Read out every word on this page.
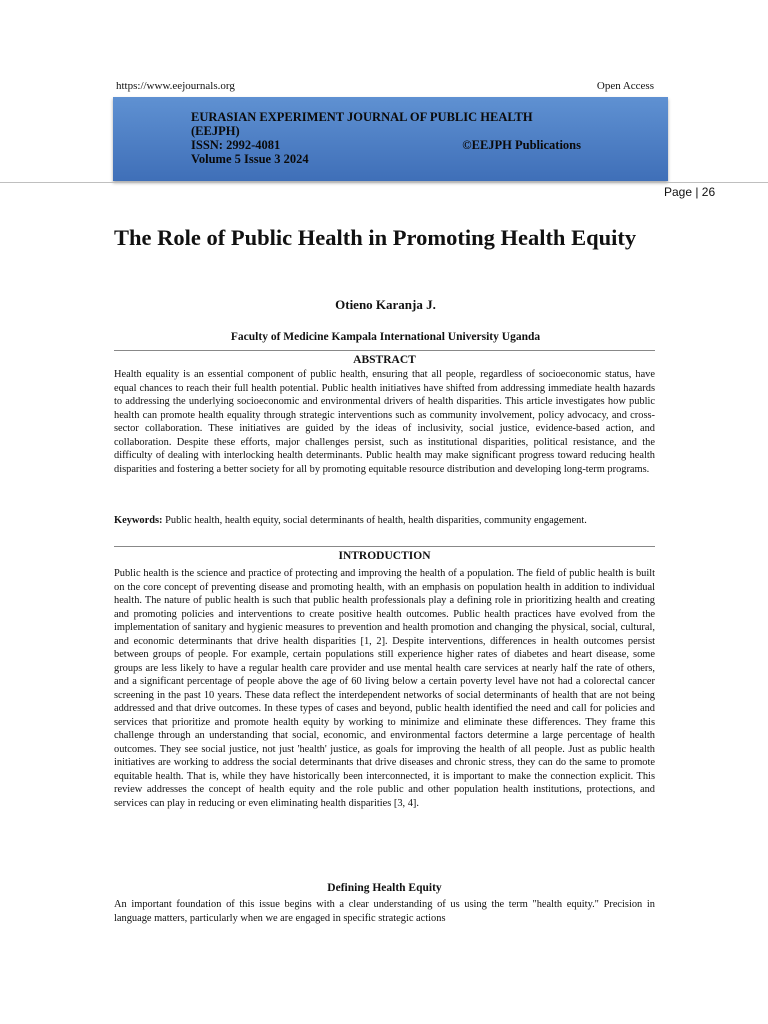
https://www.eejournals.org	Open Access
EURASIAN EXPERIMENT JOURNAL OF PUBLIC HEALTH
(EEJPH)
ISSN: 2992-4081	©EEJPH Publications
Volume 5 Issue 3 2024
Page | 26
The Role of Public Health in Promoting Health Equity
Otieno Karanja J.
Faculty of Medicine Kampala International University Uganda
ABSTRACT

Health equality is an essential component of public health, ensuring that all people, regardless of socioeconomic status, have equal chances to reach their full health potential. Public health initiatives have shifted from addressing immediate health hazards to addressing the underlying socioeconomic and environmental drivers of health disparities. This article investigates how public health can promote health equality through strategic interventions such as community involvement, policy advocacy, and cross-sector collaboration. These initiatives are guided by the ideas of inclusivity, social justice, evidence-based action, and collaboration. Despite these efforts, major challenges persist, such as institutional disparities, political resistance, and the difficulty of dealing with interlocking health determinants. Public health may make significant progress toward reducing health disparities and fostering a better society for all by promoting equitable resource distribution and developing long-term programs.

Keywords: Public health, health equity, social determinants of health, health disparities, community engagement.

INTRODUCTION

Public health is the science and practice of protecting and improving the health of a population. The field of public health is built on the core concept of preventing disease and promoting health, with an emphasis on population health in addition to individual health. The nature of public health is such that public health professionals play a defining role in prioritizing health and creating and promoting policies and interventions to create positive health outcomes. Public health practices have evolved from the implementation of sanitary and hygienic measures to prevention and health promotion and changing the physical, social, cultural, and economic determinants that drive health disparities [1, 2]. Despite interventions, differences in health outcomes persist between groups of people. For example, certain populations still experience higher rates of diabetes and heart disease, some groups are less likely to have a regular health care provider and use mental health care services at nearly half the rate of others, and a significant percentage of people above the age of 60 living below a certain poverty level have not had a colorectal cancer screening in the past 10 years. These data reflect the interdependent networks of social determinants of health that are not being addressed and that drive outcomes. In these types of cases and beyond, public health identified the need and call for policies and services that prioritize and promote health equity by working to minimize and eliminate these differences. They frame this challenge through an understanding that social, economic, and environmental factors determine a large percentage of health outcomes. They see social justice, not just 'health' justice, as goals for improving the health of all people. Just as public health initiatives are working to address the social determinants that drive diseases and chronic stress, they can do the same to promote equitable health. That is, while they have historically been interconnected, it is important to make the connection explicit. This review addresses the concept of health equity and the role public and other population health institutions, protections, and services can play in reducing or even eliminating health disparities [3, 4].

Defining Health Equity

An important foundation of this issue begins with a clear understanding of us using the term "health equity." Precision in language matters, particularly when we are engaged in specific strategic actions
